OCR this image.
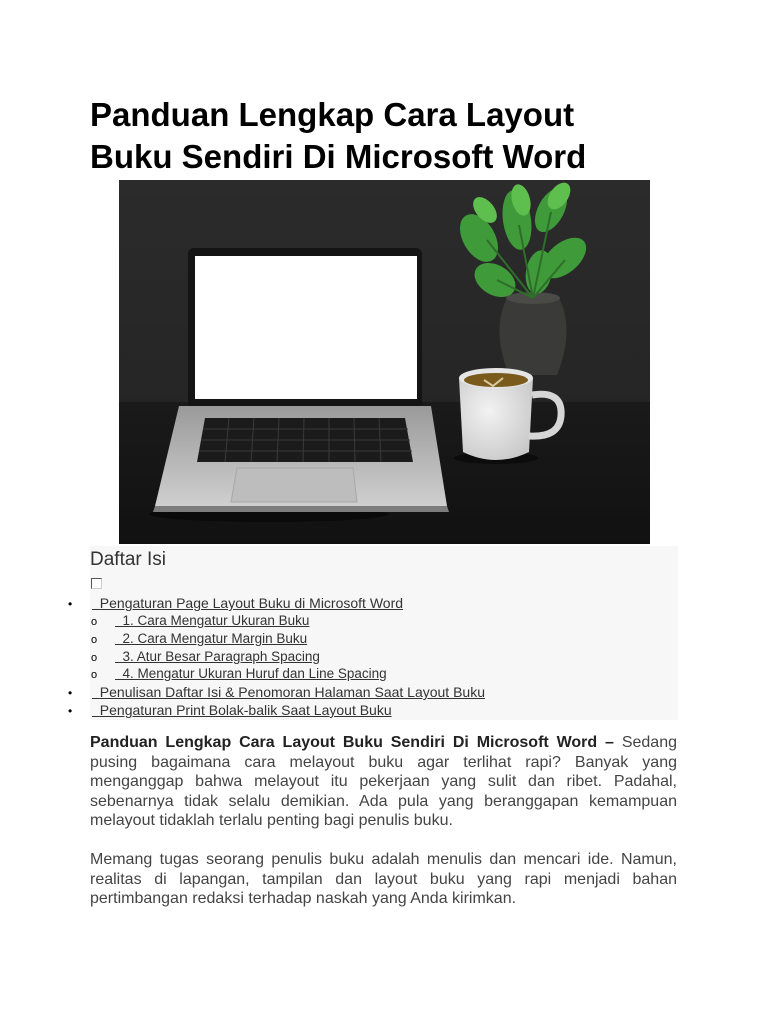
Panduan Lengkap Cara Layout
Buku Sendiri Di Microsoft Word
Daftar Isi
• Pengaturan Page Layout Buku di Microsoft Word
o 1. Cara Mengatur Ukuran Buku
o 2. Cara Mengatur Margin Buku
o 3. Atur Besar Paragraph Spacing
o 4. Mengatur Ukuran Huruf dan Line Spacing
• Penulisan Daftar Isi & Penomoran Halaman Saat Layout Buku
• Pengaturan Print Bolak-balik Saat Layout Buku

Panduan Lengkap Cara Layout Buku Sendiri Di Microsoft Word – Sedang pusing bagaimana cara melayout buku agar terlihat rapi? Banyak yang menganggap bahwa melayout itu pekerjaan yang sulit dan ribet. Padahal, sebenarnya tidak selalu demikian. Ada pula yang beranggapan kemampuan melayout tidaklah terlalu penting bagi penulis buku.

Memang tugas seorang penulis buku adalah menulis dan mencari ide. Namun, realitas di lapangan, tampilan dan layout buku yang rapi menjadi bahan pertimbangan redaksi terhadap naskah yang Anda kirimkan.
